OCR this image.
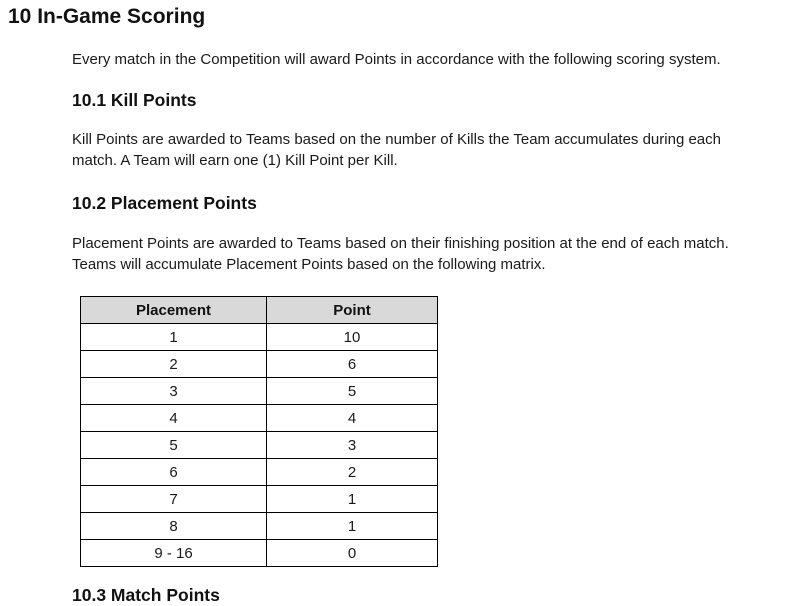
10 In-Game Scoring

Every match in the Competition will award Points in accordance with the following scoring system.

10.1 Kill Points

Kill Points are awarded to Teams based on the number of Kills the Team accumulates during each
match. A Team will earn one (1) Kill Point per Kill.

10.2 Placement Points

Placement Points are awarded to Teams based on their finishing position at the end of each match.
Teams will accumulate Placement Points based on the following matrix.

Placement	Point
1	10
2	6
3	5
4	4
5	3
6	2
7	1
8	1
9 - 16	0
10.3 Match Points
